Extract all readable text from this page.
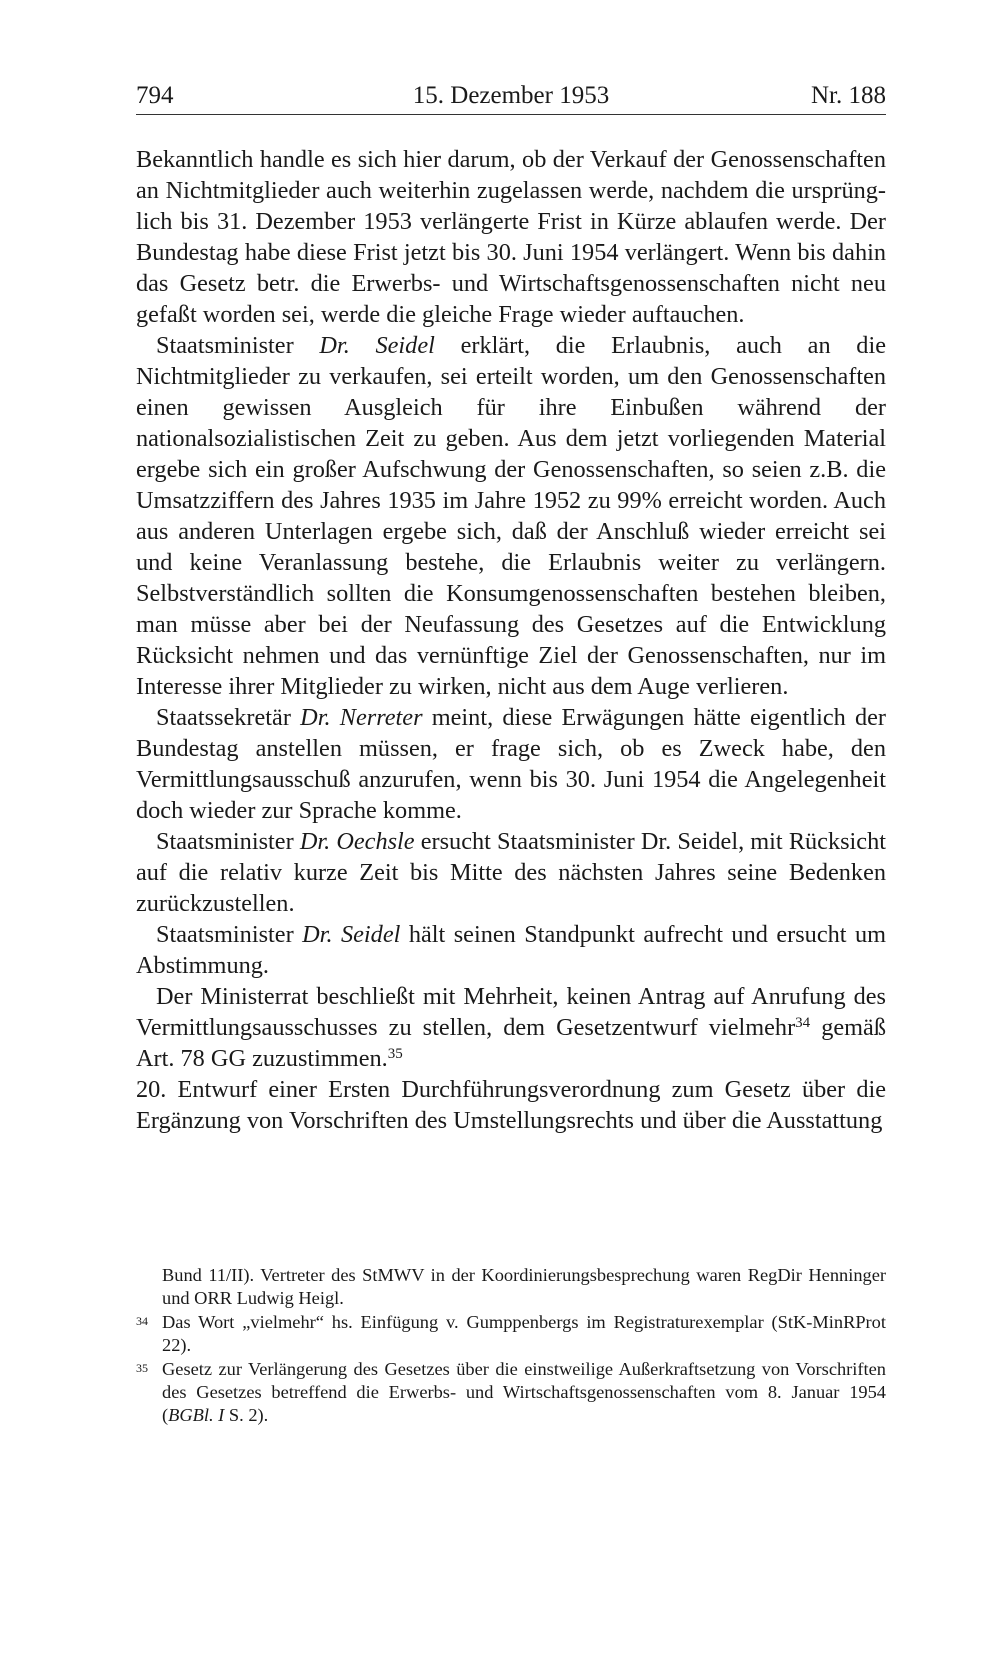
794	15. Dezember 1953	Nr. 188

Bekanntlich handle es sich hier darum, ob der Verkauf der Genossenschaften an Nichtmitglieder auch weiterhin zugelassen werde, nachdem die ursprünglich bis 31. Dezember 1953 verlängerte Frist in Kürze ablaufen werde. Der Bundestag habe diese Frist jetzt bis 30. Juni 1954 verlängert. Wenn bis dahin das Gesetz betr. die Erwerbs- und Wirtschaftsgenossenschaften nicht neu gefaßt worden sei, werde die gleiche Frage wieder auftauchen.

Staatsminister Dr. Seidel erklärt, die Erlaubnis, auch an die Nichtmitglieder zu verkaufen, sei erteilt worden, um den Genossenschaften einen gewissen Ausgleich für ihre Einbußen während der nationalsozialistischen Zeit zu geben. Aus dem jetzt vorliegenden Material ergebe sich ein großer Aufschwung der Genossenschaften, so seien z.B. die Umsatzziffern des Jahres 1935 im Jahre 1952 zu 99% erreicht worden. Auch aus anderen Unterlagen ergebe sich, daß der Anschluß wieder erreicht sei und keine Veranlassung bestehe, die Erlaubnis weiter zu verlängern. Selbstverständlich sollten die Konsumgenossenschaften bestehen bleiben, man müsse aber bei der Neufassung des Gesetzes auf die Entwicklung Rücksicht nehmen und das vernünftige Ziel der Genossenschaften, nur im Interesse ihrer Mitglieder zu wirken, nicht aus dem Auge verlieren.

Staatssekretär Dr. Nerreter meint, diese Erwägungen hätte eigentlich der Bundestag anstellen müssen, er frage sich, ob es Zweck habe, den Vermittlungsausschuß anzurufen, wenn bis 30. Juni 1954 die Angelegenheit doch wieder zur Sprache komme.

Staatsminister Dr. Oechsle ersucht Staatsminister Dr. Seidel, mit Rücksicht auf die relativ kurze Zeit bis Mitte des nächsten Jahres seine Bedenken zurückzustellen.

Staatsminister Dr. Seidel hält seinen Standpunkt aufrecht und ersucht um Abstimmung.

Der Ministerrat beschließt mit Mehrheit, keinen Antrag auf Anrufung des Vermittlungsausschusses zu stellen, dem Gesetzentwurf vielmehr$^{34}$ gemäß Art. 78 GG zuzustimmen.$^{35}$

20. Entwurf einer Ersten Durchführungsverordnung zum Gesetz über die Ergänzung von Vorschriften des Umstellungsrechts und über die Ausstattung

Bund 11/II). Vertreter des StMWV in der Koordinierungsbesprechung waren RegDir Henninger und ORR Ludwig Heigl.
34 Das Wort „vielmehr“ hs. Einfügung v. Gumppenbergs im Registraturexemplar (StK-MinRProt 22).
35 Gesetz zur Verlängerung des Gesetzes über die einstweilige Außerkraftsetzung von Vorschriften des Gesetzes betreffend die Erwerbs- und Wirtschaftsgenossenschaften vom 8. Januar 1954 (BGBl. I S. 2).
